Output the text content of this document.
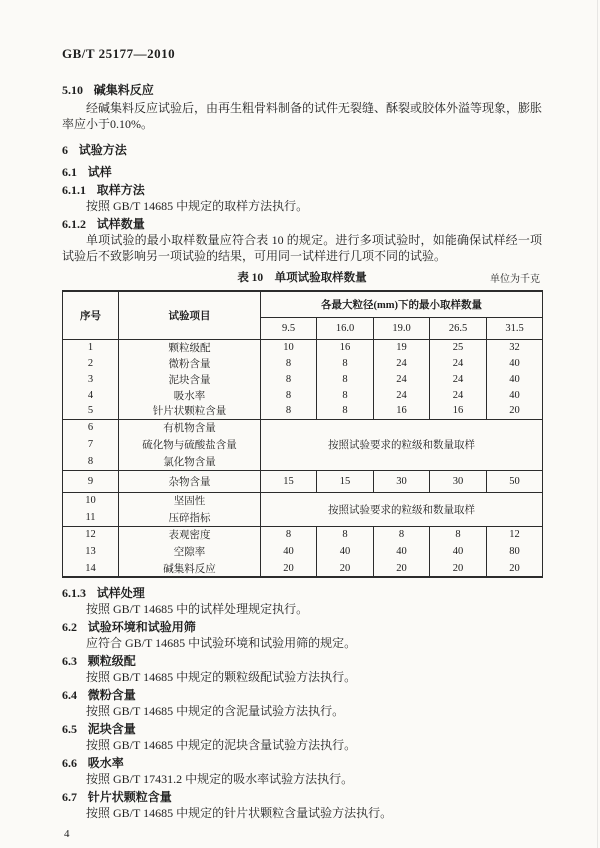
GB/T 25177—2010
5.10 碱集料反应

经碱集料反应试验后，由再生粗骨料制备的试件无裂缝、酥裂或胶体外溢等现象，膨胀率应小于0.10%。

6 试验方法
6.1 试样
6.1.1 取样方法

按照 GB/T 14685 中规定的取样方法执行。

6.1.2 试样数量

单项试验的最小取样数量应符合表 10 的规定。进行多项试验时，如能确保试样经一项试验后不致影响另一项试验的结果，可用同一试样进行几项不同的试验。

表 10　单项试验取样数量	单位为千克
序号	试验项目	各最大粒径(mm)下的最小取样数量				
		9.5	16.0	19.0	26.5	31.5
1	颗粒级配	10	16	19	25	32
2	微粉含量	8	8	24	24	40
3	泥块含量	8	8	24	24	40
4	吸水率	8	8	24	24	40
5	针片状颗粒含量	8	8	16	16	20
6	有机物含量	按照试验要求的粒级和数量取样				
7	硫化物与硫酸盐含量					
8	氯化物含量					
9	杂物含量	15	15	30	30	50
10	坚固性	按照试验要求的粒级和数量取样				
11	压碎指标					
12	表观密度	8	8	8	8	12
13	空隙率	40	40	40	40	80
14	碱集料反应	20	20	20	20	20
6.1.3 试样处理

按照 GB/T 14685 中的试样处理规定执行。

6.2 试验环境和试验用筛

应符合 GB/T 14685 中试验环境和试验用筛的规定。

6.3 颗粒级配

按照 GB/T 14685 中规定的颗粒级配试验方法执行。

6.4 微粉含量

按照 GB/T 14685 中规定的含泥量试验方法执行。

6.5 泥块含量

按照 GB/T 14685 中规定的泥块含量试验方法执行。

6.6 吸水率

按照 GB/T 17431.2 中规定的吸水率试验方法执行。

6.7 针片状颗粒含量

按照 GB/T 14685 中规定的针片状颗粒含量试验方法执行。

4
